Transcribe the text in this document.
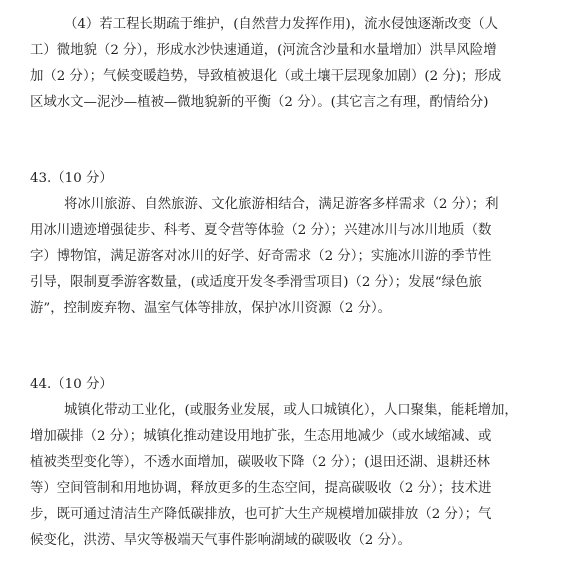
（4）若工程长期疏于维护，(自然营力发挥作用)，流水侵蚀逐渐改变（人
工）微地貌（2 分），形成水沙快速通道，(河流含沙量和水量增加）洪旱风险增
加（2 分）；气候变暖趋势，导致植被退化（或土壤干层现象加剧）(2 分)；形成
区域水文—泥沙—植被—微地貌新的平衡（2 分）。(其它言之有理，酌情给分)
43.（10 分）
将冰川旅游、自然旅游、文化旅游相结合，满足游客多样需求（2 分）；利
用冰川遗迹增强徒步、科考、夏令营等体验（2 分）；兴建冰川与冰川地质（数
字）博物馆，满足游客对冰川的好学、好奇需求（2 分）；实施冰川游的季节性
引导，限制夏季游客数量，(或适度开发冬季滑雪项目)（2 分）；发展“绿色旅
游”，控制废弃物、温室气体等排放，保护冰川资源（2 分）。
44.（10 分）
城镇化带动工业化，(或服务业发展，或人口城镇化），人口聚集，能耗增加，
增加碳排（2 分）；城镇化推动建设用地扩张，生态用地减少（或水域缩减、或
植被类型变化等），不透水面增加，碳吸收下降（2 分）；(退田还湖、退耕还林
等）空间管制和用地协调，释放更多的生态空间，提高碳吸收（2 分）；技术进
步，既可通过清洁生产降低碳排放，也可扩大生产规模增加碳排放（2 分）；气
候变化，洪涝、旱灾等极端天气事件影响湖域的碳吸收（2 分）。
